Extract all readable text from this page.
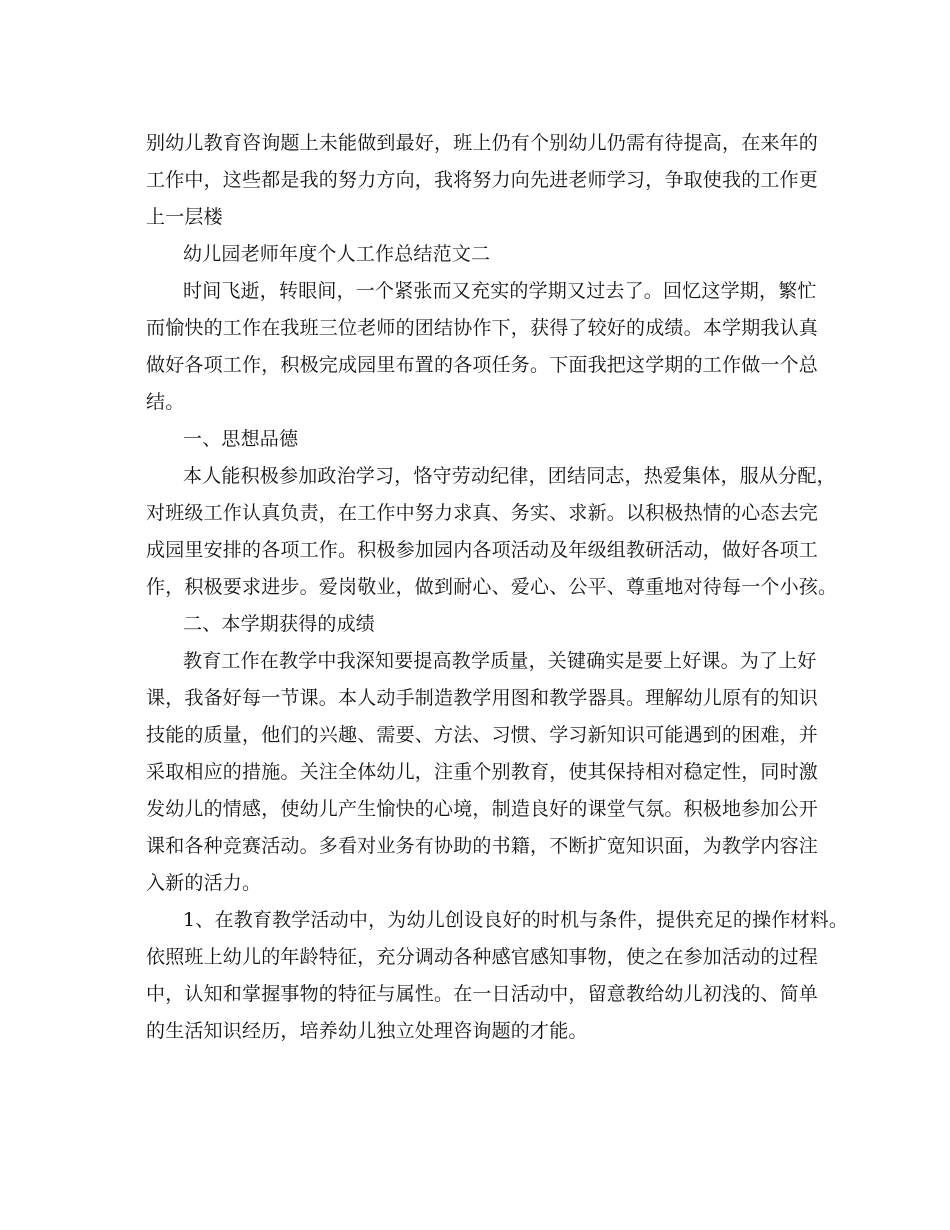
别幼儿教育咨询题上未能做到最好，班上仍有个别幼儿仍需有待提高，在来年的
工作中，这些都是我的努力方向，我将努力向先进老师学习，争取使我的工作更
上一层楼
幼儿园老师年度个人工作总结范文二
时间飞逝，转眼间，一个紧张而又充实的学期又过去了。回忆这学期，繁忙
而愉快的工作在我班三位老师的团结协作下，获得了较好的成绩。本学期我认真
做好各项工作，积极完成园里布置的各项任务。下面我把这学期的工作做一个总
结。
一、思想品德
本人能积极参加政治学习，恪守劳动纪律，团结同志，热爱集体，服从分配，
对班级工作认真负责，在工作中努力求真、务实、求新。以积极热情的心态去完
成园里安排的各项工作。积极参加园内各项活动及年级组教研活动，做好各项工
作，积极要求进步。爱岗敬业，做到耐心、爱心、公平、尊重地对待每一个小孩。
二、本学期获得的成绩
教育工作在教学中我深知要提高教学质量，关键确实是要上好课。为了上好
课，我备好每一节课。本人动手制造教学用图和教学器具。理解幼儿原有的知识
技能的质量，他们的兴趣、需要、方法、习惯、学习新知识可能遇到的困难，并
采取相应的措施。关注全体幼儿，注重个别教育，使其保持相对稳定性，同时激
发幼儿的情感，使幼儿产生愉快的心境，制造良好的课堂气氛。积极地参加公开
课和各种竞赛活动。多看对业务有协助的书籍，不断扩宽知识面，为教学内容注
入新的活力。
1、在教育教学活动中，为幼儿创设良好的时机与条件，提供充足的操作材料。
依照班上幼儿的年龄特征，充分调动各种感官感知事物，使之在参加活动的过程
中，认知和掌握事物的特征与属性。在一日活动中，留意教给幼儿初浅的、简单
的生活知识经历，培养幼儿独立处理咨询题的才能。
